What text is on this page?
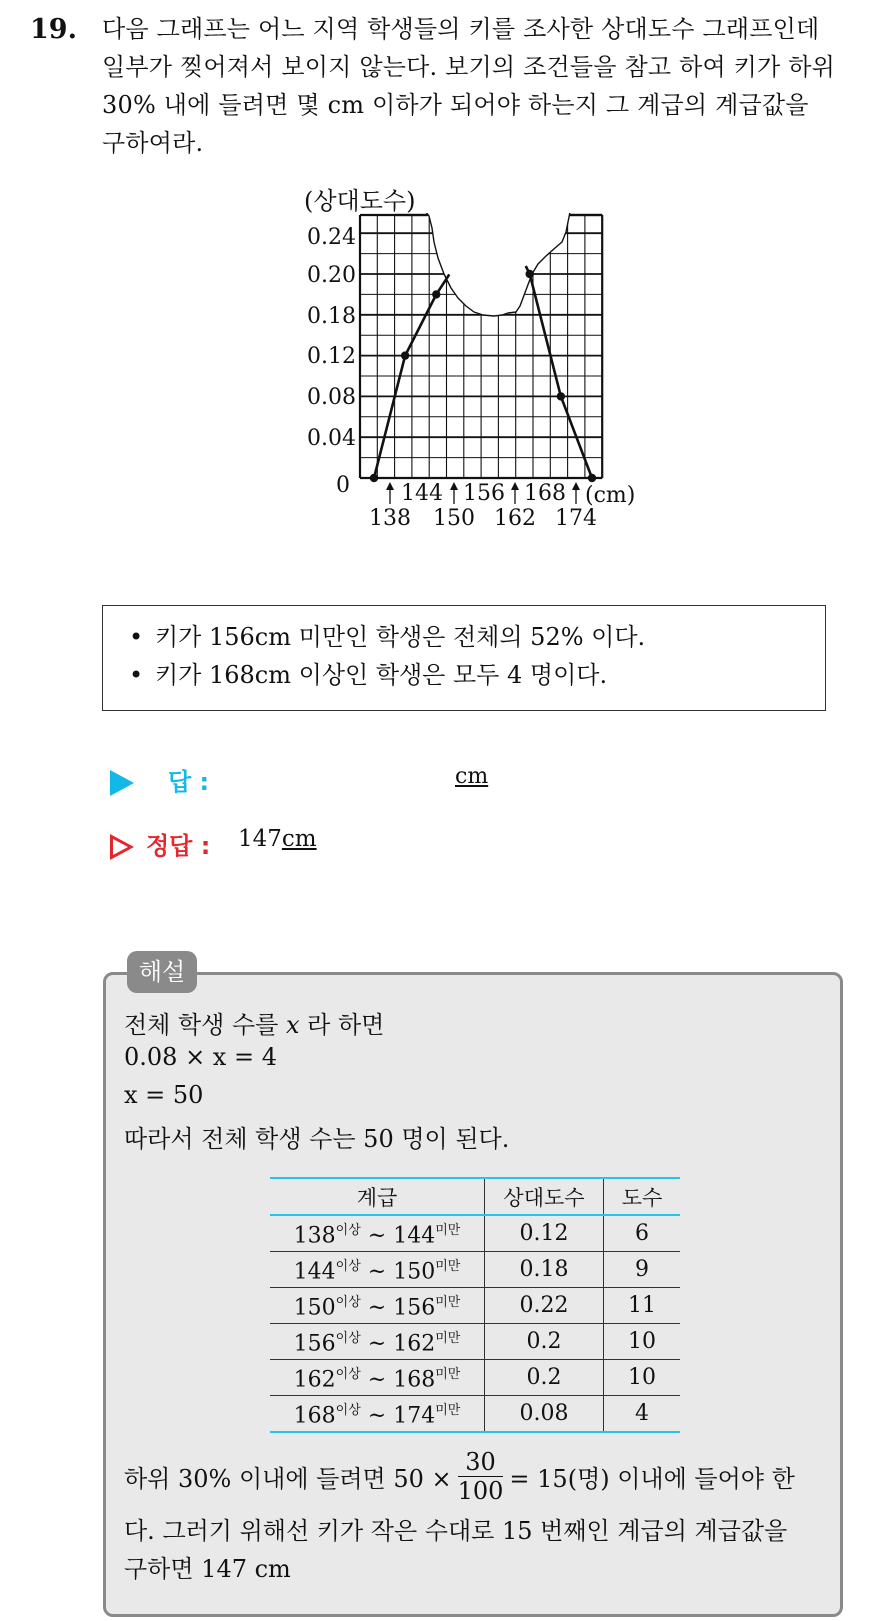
19. 다음 그래프는 어느 지역 학생들의 키를 조사한 상대도수 그래프인데
일부가 찢어져서 보이지 않는다. 보기의 조건들을 참고 하여 키가 하위
30% 내에 들려면 몇 cm 이하가 되어야 하는지 그 계급의 계급값을
구하여라.
(상대도수)
0.24
0.20
0.18
0.12
0.08
0.04
0 144 156 168
138 150 162 174
(cm)
• 키가 156cm 미만인 학생은 전체의 52% 이다.
• 키가 168cm 이상인 학생은 모두 4 명이다.
답 :	cm
정답 : 147cm
해설
전체 학생 수를 x 라 하면
0.08 × x = 4
x = 50
따라서 전체 학생 수는 50 명이 된다.
계급	상대도수	도수
$138^{이상}$ ~ $144^{미만}$	0.12	6
$144^{이상}$ ~ $150^{미만}$	0.18	9
$150^{이상}$ ~ $156^{미만}$	0.22	11
$156^{이상}$ ~ $162^{미만}$	0.2	10
$162^{이상}$ ~ $168^{미만}$	0.2	10
$168^{이상}$ ~ $174^{미만}$	0.08	4
하위 30% 이내에 들려면 $50 \times \frac{30}{100} = 15$(명) 이내에 들어야 한
다. 그러기 위해선 키가 작은 수대로 15 번째인 계급의 계급값을
구하면 147 cm
